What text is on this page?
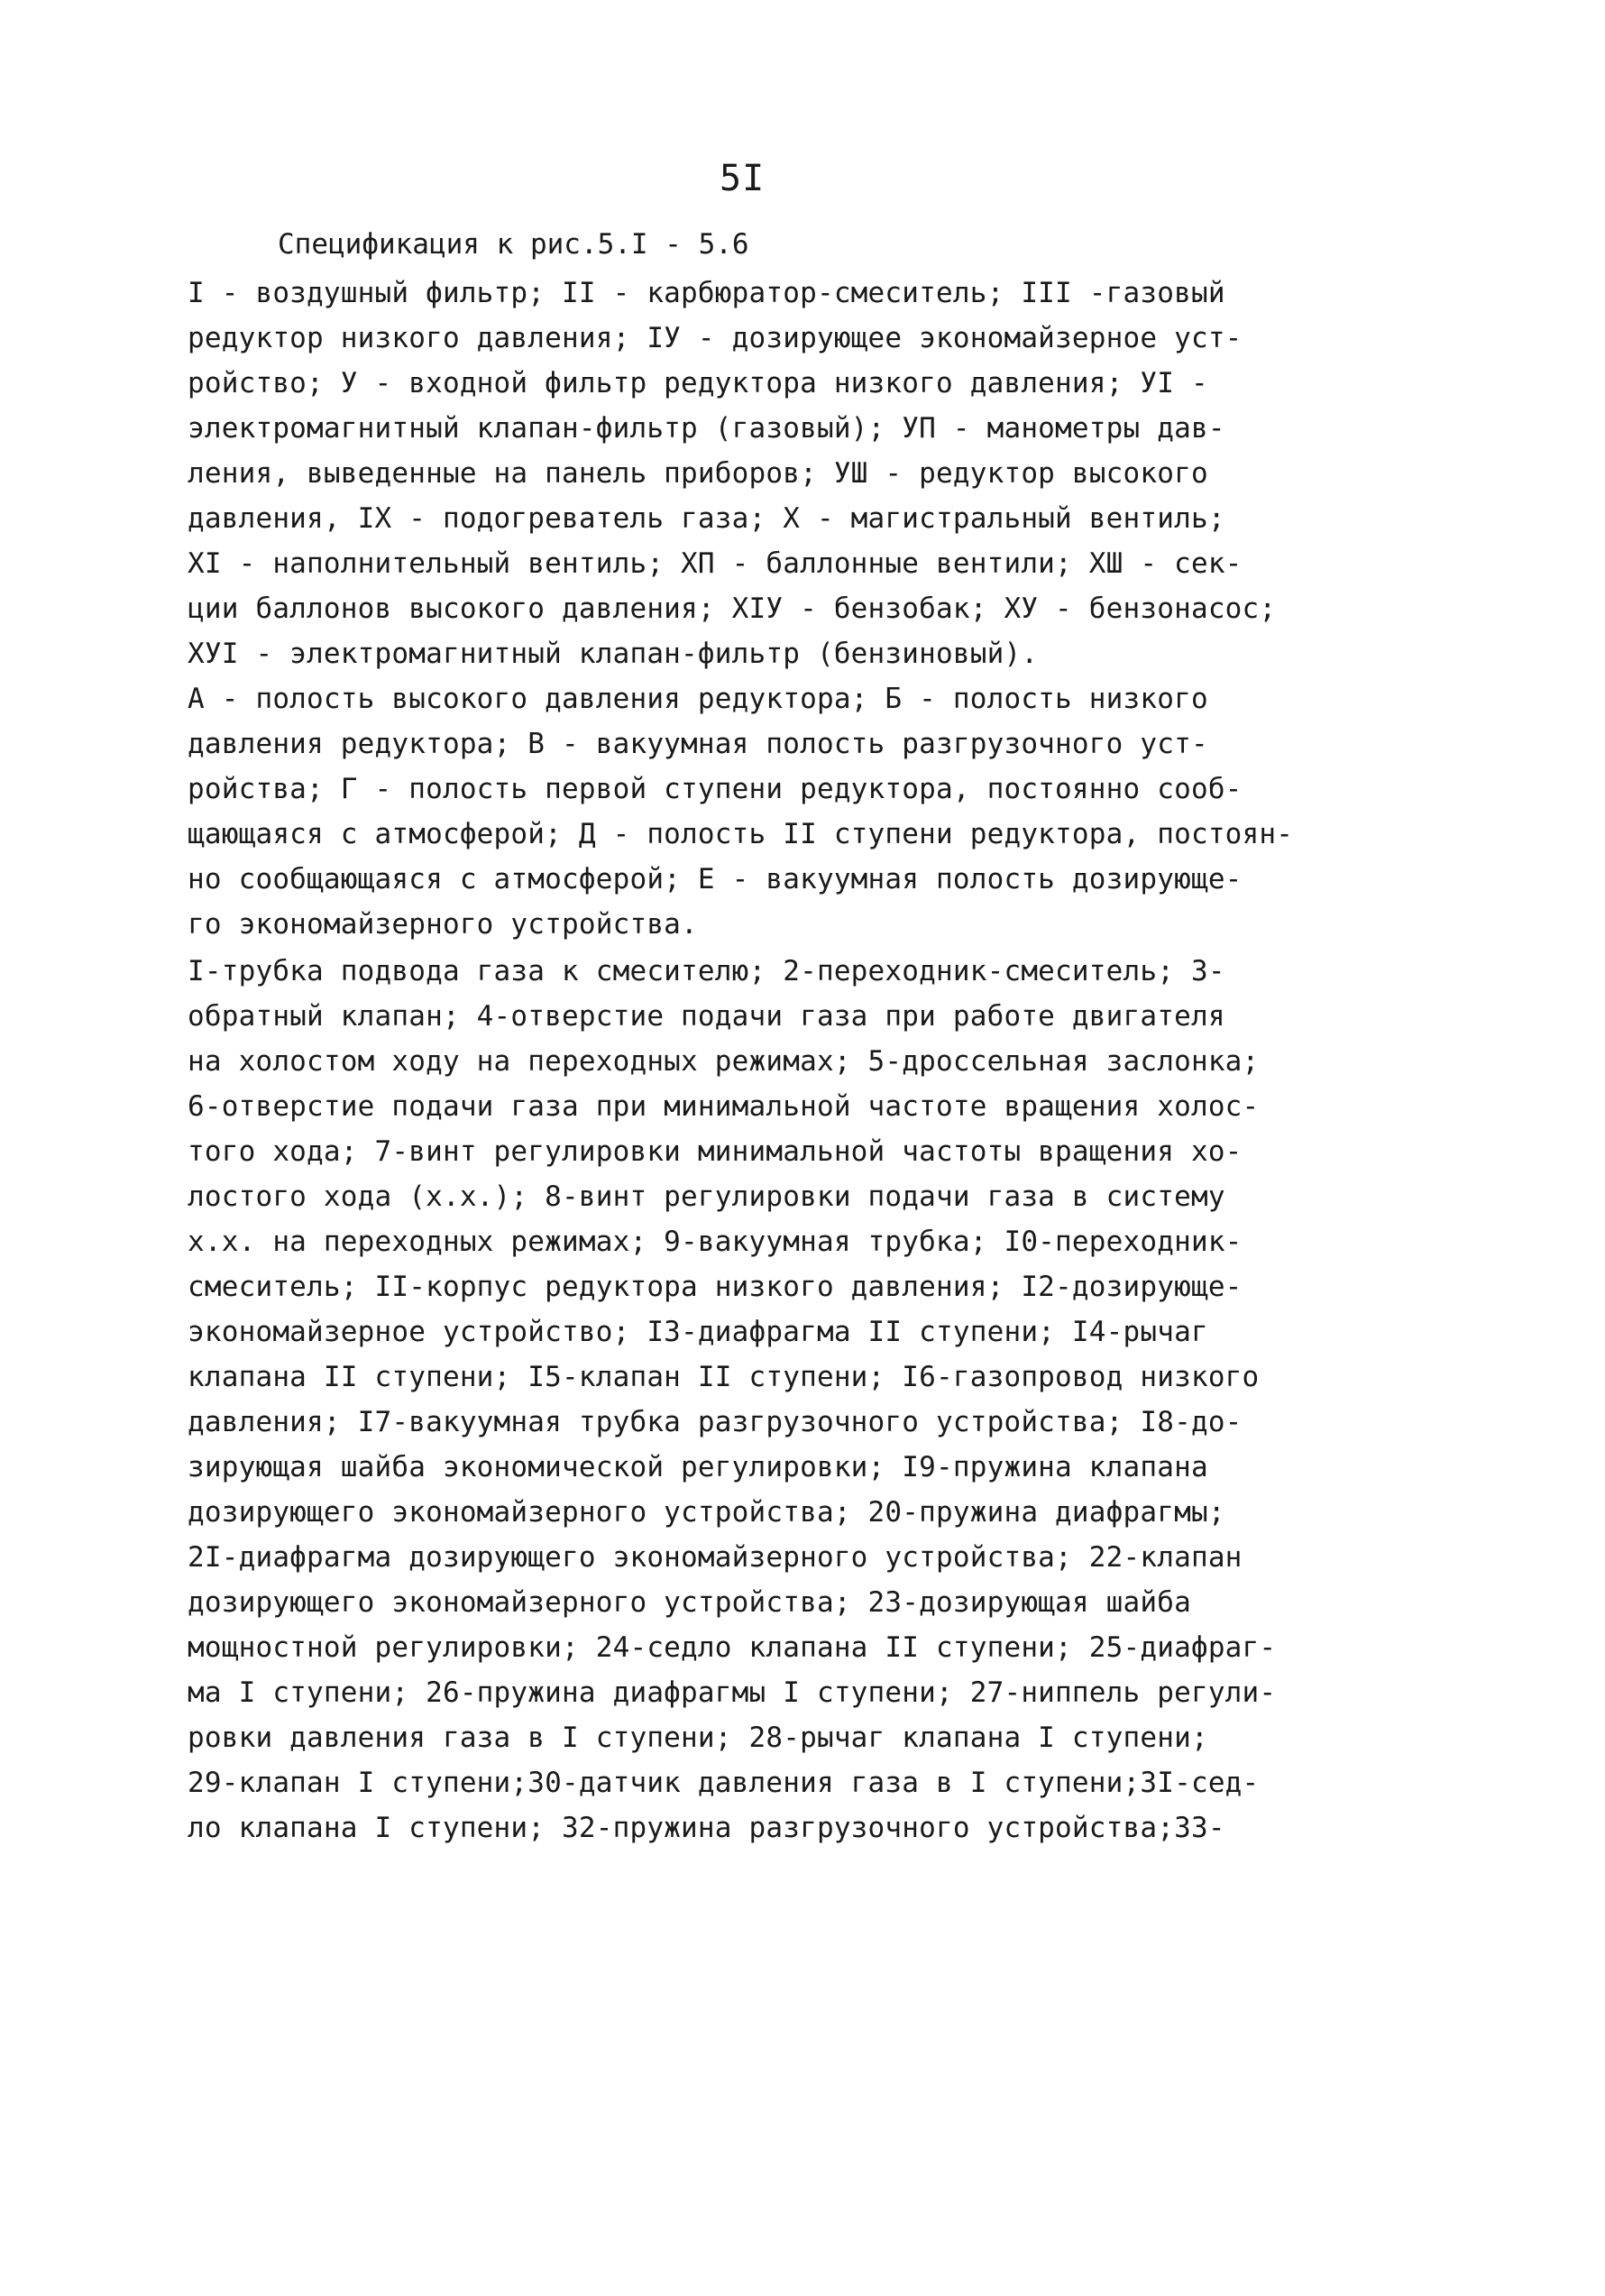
5I
Спецификация к рис.5.I - 5.6
I - воздушный фильтр; II - карбюратор-смеситель; III -газовый
редуктор низкого давления; IУ - дозирующее экономайзерное уст-
ройство; У - входной фильтр редуктора низкого давления; УI -
электромагнитный клапан-фильтр (газовый); УП - манометры дав-
ления, выведенные на панель приборов; УШ - редуктор высокого
давления, IX - подогреватель газа; X - магистральный вентиль;
XI - наполнительный вентиль; XП - баллонные вентили; XШ - сек-
ции баллонов высокого давления; XIУ - бензобак; XУ - бензонасос;
XУI - электромагнитный клапан-фильтр (бензиновый).
А - полость высокого давления редуктора; Б - полость низкого
давления редуктора; В - вакуумная полость разгрузочного уст-
ройства; Г - полость первой ступени редуктора, постоянно сооб-
щающаяся с атмосферой; Д - полость II ступени редуктора, постоян-
но сообщающаяся с атмосферой; Е - вакуумная полость дозирующе-
го экономайзерного устройства.
I-трубка подвода газа к смесителю; 2-переходник-смеситель; 3-
обратный клапан; 4-отверстие подачи газа при работе двигателя
на холостом ходу на переходных режимах; 5-дроссельная заслонка;
6-отверстие подачи газа при минимальной частоте вращения холос-
того хода; 7-винт регулировки минимальной частоты вращения хо-
лостого хода (х.х.); 8-винт регулировки подачи газа в систему
х.х. на переходных режимах; 9-вакуумная трубка; I0-переходник-
смеситель; II-корпус редуктора низкого давления; I2-дозирующе-
экономайзерное устройство; I3-диафрагма II ступени; I4-рычаг
клапана II ступени; I5-клапан II ступени; I6-газопровод низкого
давления; I7-вакуумная трубка разгрузочного устройства; I8-до-
зирующая шайба экономической регулировки; I9-пружина клапана
дозирующего экономайзерного устройства; 20-пружина диафрагмы;
2I-диафрагма дозирующего экономайзерного устройства; 22-клапан
дозирующего экономайзерного устройства; 23-дозирующая шайба
мощностной регулировки; 24-седло клапана II ступени; 25-диафраг-
ма I ступени; 26-пружина диафрагмы I ступени; 27-ниппель регули-
ровки давления газа в I ступени; 28-рычаг клапана I ступени;
29-клапан I ступени;30-датчик давления газа в I ступени;3I-сед-
ло клапана I ступени; 32-пружина разгрузочного устройства;33-
